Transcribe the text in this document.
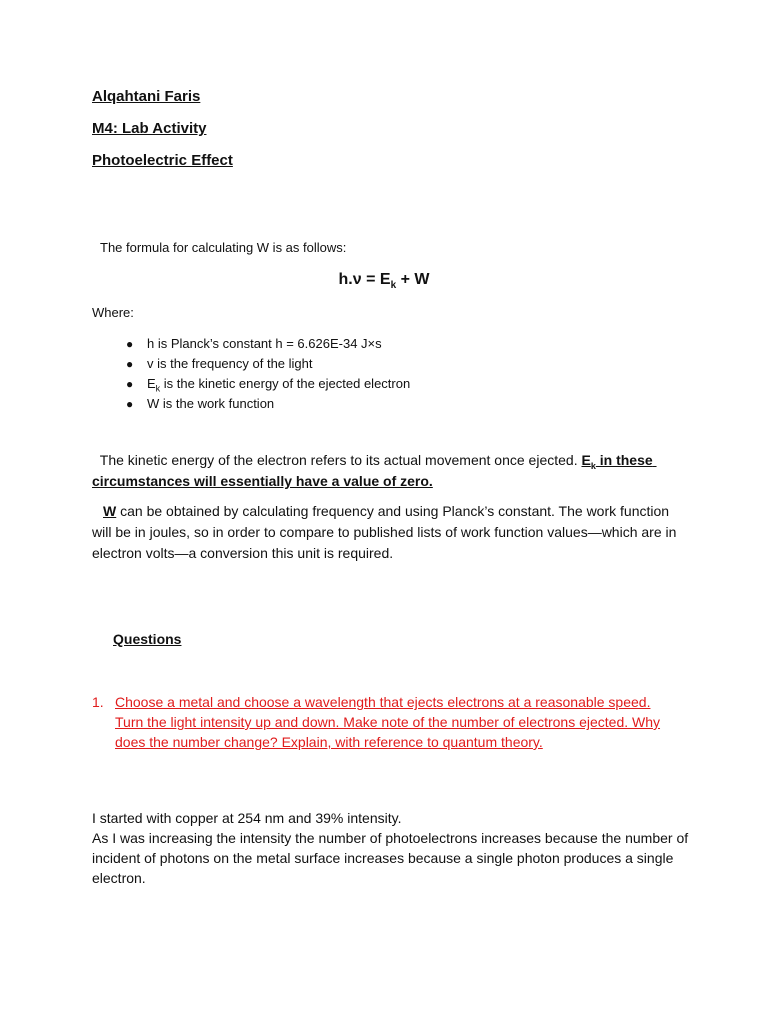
Alqahtani Faris
M4: Lab Activity
Photoelectric Effect
The formula for calculating W is as follows:
$h.\nu = E_k + W$
Where:
● h is Planck’s constant h = 6.626E-34 J×s
● v is the frequency of the light
● $E_k$ is the kinetic energy of the ejected electron
● W is the work function
The kinetic energy of the electron refers to its actual movement once ejected. $E_k$ in these circumstances will essentially have a value of zero.
W can be obtained by calculating frequency and using Planck’s constant. The work function will be in joules, so in order to compare to published lists of work function values—which are in electron volts—a conversion this unit is required.
Questions
1. Choose a metal and choose a wavelength that ejects electrons at a reasonable speed. Turn the light intensity up and down. Make note of the number of electrons ejected. Why does the number change? Explain, with reference to quantum theory.
I started with copper at 254 nm and 39% intensity.
As I was increasing the intensity the number of photoelectrons increases because the number of incident of photons on the metal surface increases because a single photon produces a single electron.
